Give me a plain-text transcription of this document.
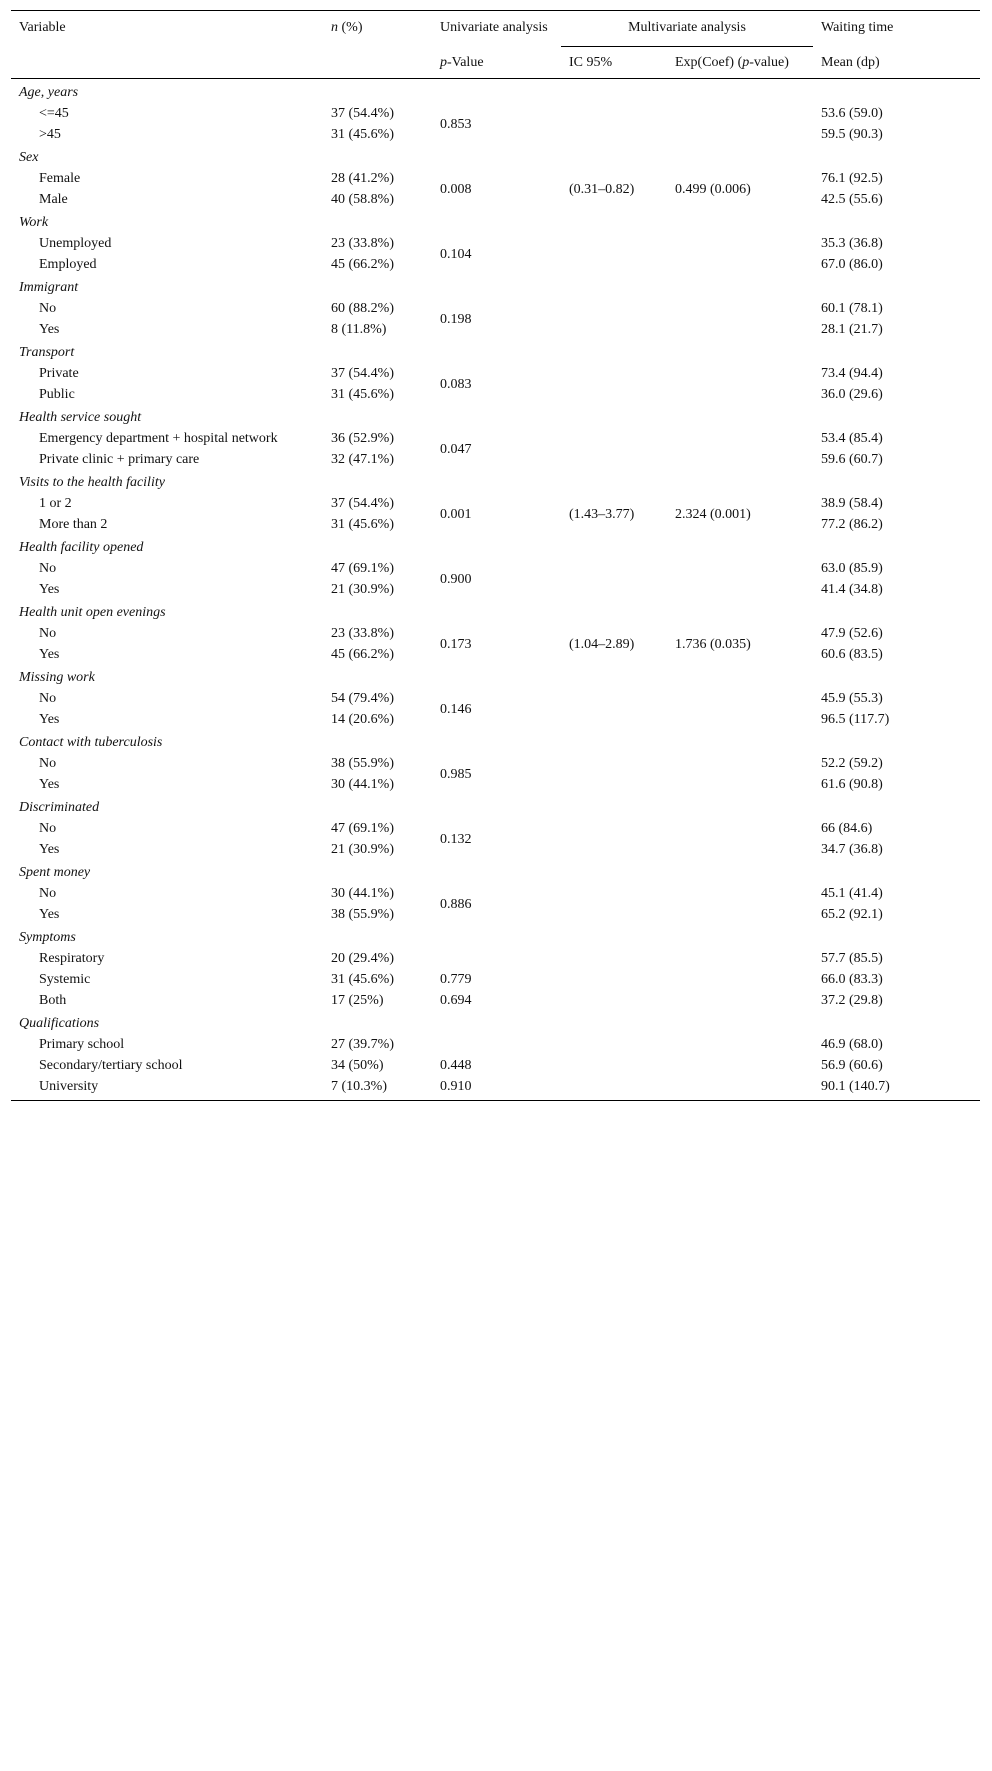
Variable	n (%)	Univariate analysis	Multivariate analysis		Waiting time
		p-Value	IC 95%	Exp(Coef) (p-value)	Mean (dp)
Age, years					
<=45	37 (54.4%)	0.853			53.6 (59.0)
>45	31 (45.6%)				59.5 (90.3)
Sex					
Female	28 (41.2%)	0.008	(0.31–0.82)	0.499 (0.006)	76.1 (92.5)
Male	40 (58.8%)				42.5 (55.6)
Work					
Unemployed	23 (33.8%)	0.104			35.3 (36.8)
Employed	45 (66.2%)				67.0 (86.0)
Immigrant					
No	60 (88.2%)	0.198			60.1 (78.1)
Yes	8 (11.8%)				28.1 (21.7)
Transport					
Private	37 (54.4%)	0.083			73.4 (94.4)
Public	31 (45.6%)				36.0 (29.6)
Health service sought					
Emergency department + hospital network	36 (52.9%)	0.047			53.4 (85.4)
Private clinic + primary care	32 (47.1%)				59.6 (60.7)
Visits to the health facility					
1 or 2	37 (54.4%)	0.001	(1.43–3.77)	2.324 (0.001)	38.9 (58.4)
More than 2	31 (45.6%)				77.2 (86.2)
Health facility opened					
No	47 (69.1%)	0.900			63.0 (85.9)
Yes	21 (30.9%)				41.4 (34.8)
Health unit open evenings					
No	23 (33.8%)	0.173	(1.04–2.89)	1.736 (0.035)	47.9 (52.6)
Yes	45 (66.2%)				60.6 (83.5)
Missing work					
No	54 (79.4%)	0.146			45.9 (55.3)
Yes	14 (20.6%)				96.5 (117.7)
Contact with tuberculosis					
No	38 (55.9%)	0.985			52.2 (59.2)
Yes	30 (44.1%)				61.6 (90.8)
Discriminated					
No	47 (69.1%)	0.132			66 (84.6)
Yes	21 (30.9%)				34.7 (36.8)
Spent money					
No	30 (44.1%)	0.886			45.1 (41.4)
Yes	38 (55.9%)				65.2 (92.1)
Symptoms					
Respiratory	20 (29.4%)				57.7 (85.5)
Systemic	31 (45.6%)	0.779			66.0 (83.3)
Both	17 (25%)	0.694			37.2 (29.8)
Qualifications					
Primary school	27 (39.7%)				46.9 (68.0)
Secondary/tertiary school	34 (50%)	0.448			56.9 (60.6)
University	7 (10.3%)	0.910			90.1 (140.7)
